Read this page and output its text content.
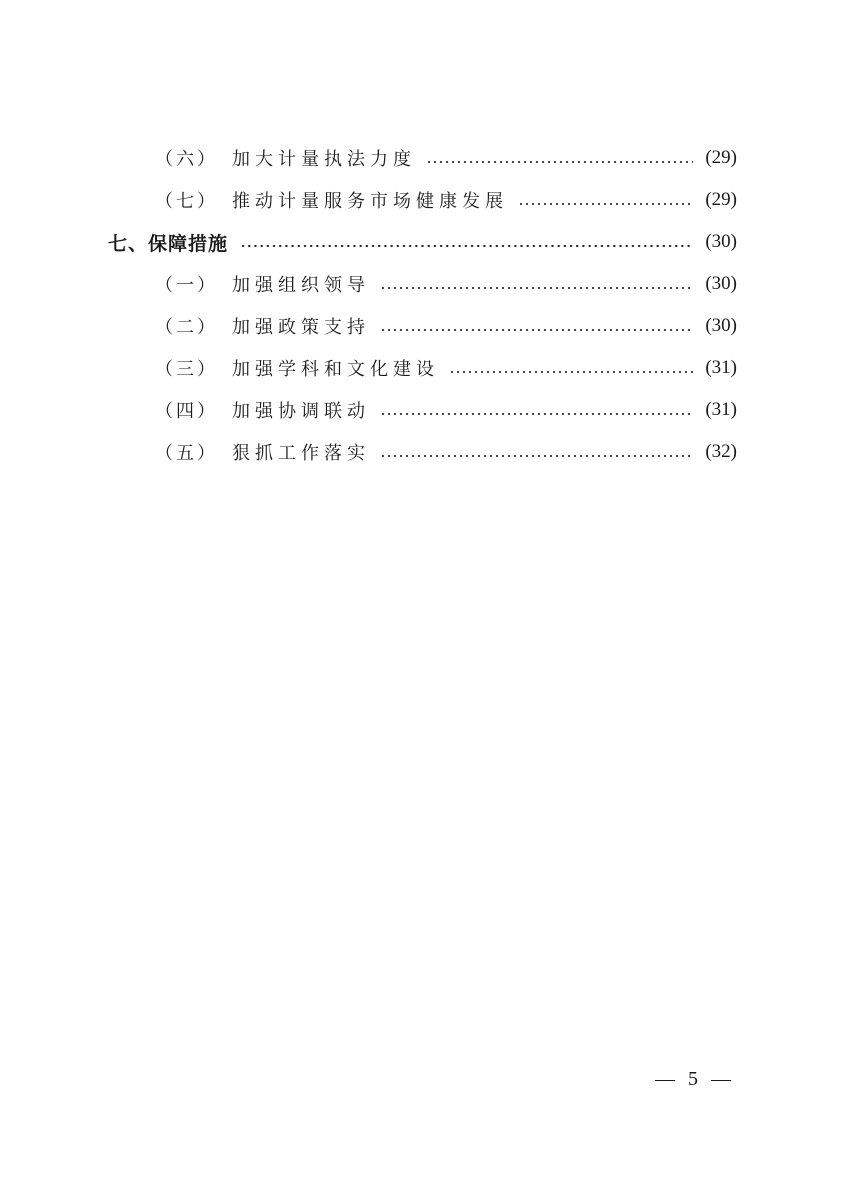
（六） 加大计量执法力度	(29)
（七） 推动计量服务市场健康发展	(29)
七、保障措施	(30)
（一） 加强组织领导	(30)
（二） 加强政策支持	(30)
（三） 加强学科和文化建设	(31)
（四） 加强协调联动	(31)
（五） 狠抓工作落实	(32)
— 5 —
